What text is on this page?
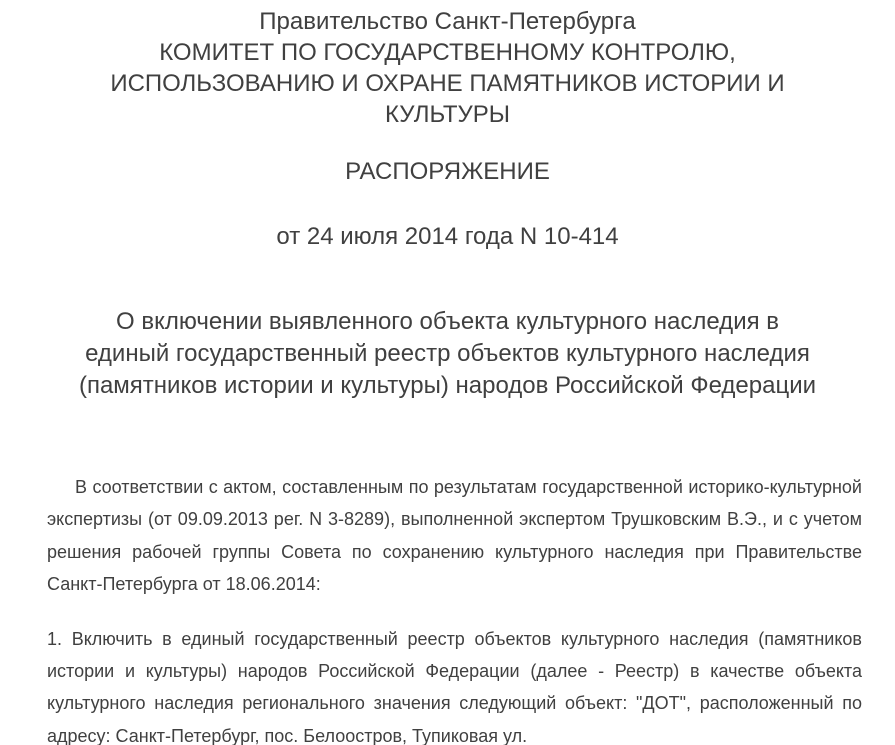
Правительство Санкт-Петербурга
КОМИТЕТ ПО ГОСУДАРСТВЕННОМУ КОНТРОЛЮ,
ИСПОЛЬЗОВАНИЮ И ОХРАНЕ ПАМЯТНИКОВ ИСТОРИИ И
КУЛЬТУРЫ
РАСПОРЯЖЕНИЕ
от 24 июля 2014 года N 10-414
О включении выявленного объекта культурного наследия в
единый государственный реестр объектов культурного наследия
(памятников истории и культуры) народов Российской Федерации

В соответствии с актом, составленным по результатам государственной историко-культурной экспертизы (от 09.09.2013 рег. N 3-8289), выполненной экспертом Трушковским В.Э., и с учетом решения рабочей группы Совета по сохранению культурного наследия при Правительстве Санкт-Петербурга от 18.06.2014:

1. Включить в единый государственный реестр объектов культурного наследия (памятников истории и культуры) народов Российской Федерации (далее - Реестр) в качестве объекта культурного наследия регионального значения следующий объект: "ДОТ", расположенный по адресу: Санкт-Петербург, пос. Белоостров, Тупиковая ул.
